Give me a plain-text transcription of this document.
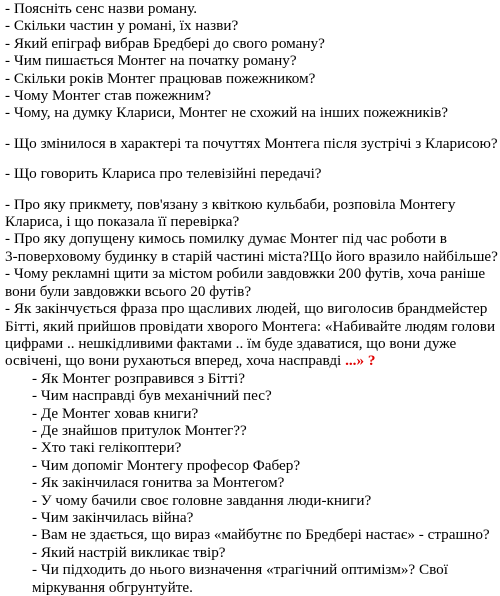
- Поясніть сенс назви роману.
- Скільки частин у романі, їх назви?
- Який епіграф вибрав Бредбері до свого роману?
- Чим пишається Монтег на початку роману?
- Скільки років Монтег працював пожежником?
- Чому Монтег став пожежним?
- Чому, на думку Клариси, Монтег не схожий на інших пожежників?
- Що змінилося в характері та почуттях Монтега після зустрічі з Кларисою?
- Що говорить Клариса про телевізійні передачі?
- Про яку прикмету, пов'язану з квіткою кульбаби, розповіла Монтегу
Клариса, і що показала її перевірка?
- Про яку допущену кимось помилку думає Монтег під час роботи в
3-поверховому будинку в старій частині міста?Що його вразило найбільше?
- Чому рекламні щити за містом робили завдовжки 200 футів, хоча раніше
вони були завдовжки всього 20 футів?
- Як закінчується фраза про щасливих людей, що виголосив брандмейстер
Бітті, який прийшов провідати хворого Монтега: «Набивайте людям голови
цифрами .. нешкідливими фактами .. їм буде здаватися, що вони дуже
освічені, що вони рухаються вперед, хоча насправді ...» ?
- Як Монтег розправився з Бітті?
- Чим насправді був механічний пес?
- Де Монтег ховав книги?
- Де знайшов притулок Монтег??
- Хто такі гелікоптери?
- Чим допоміг Монтегу професор Фабер?
- Як закінчилася гонитва за Монтегом?
- У чому бачили своє головне завдання люди-книги?
- Чим закінчилась війна?
- Вам не здається, що вираз «майбутнє по Бредбері настає» - страшно?
- Який настрій викликає твір?
- Чи підходить до нього визначення «трагічний оптимізм»? Свої
міркування обгрунтуйте.
